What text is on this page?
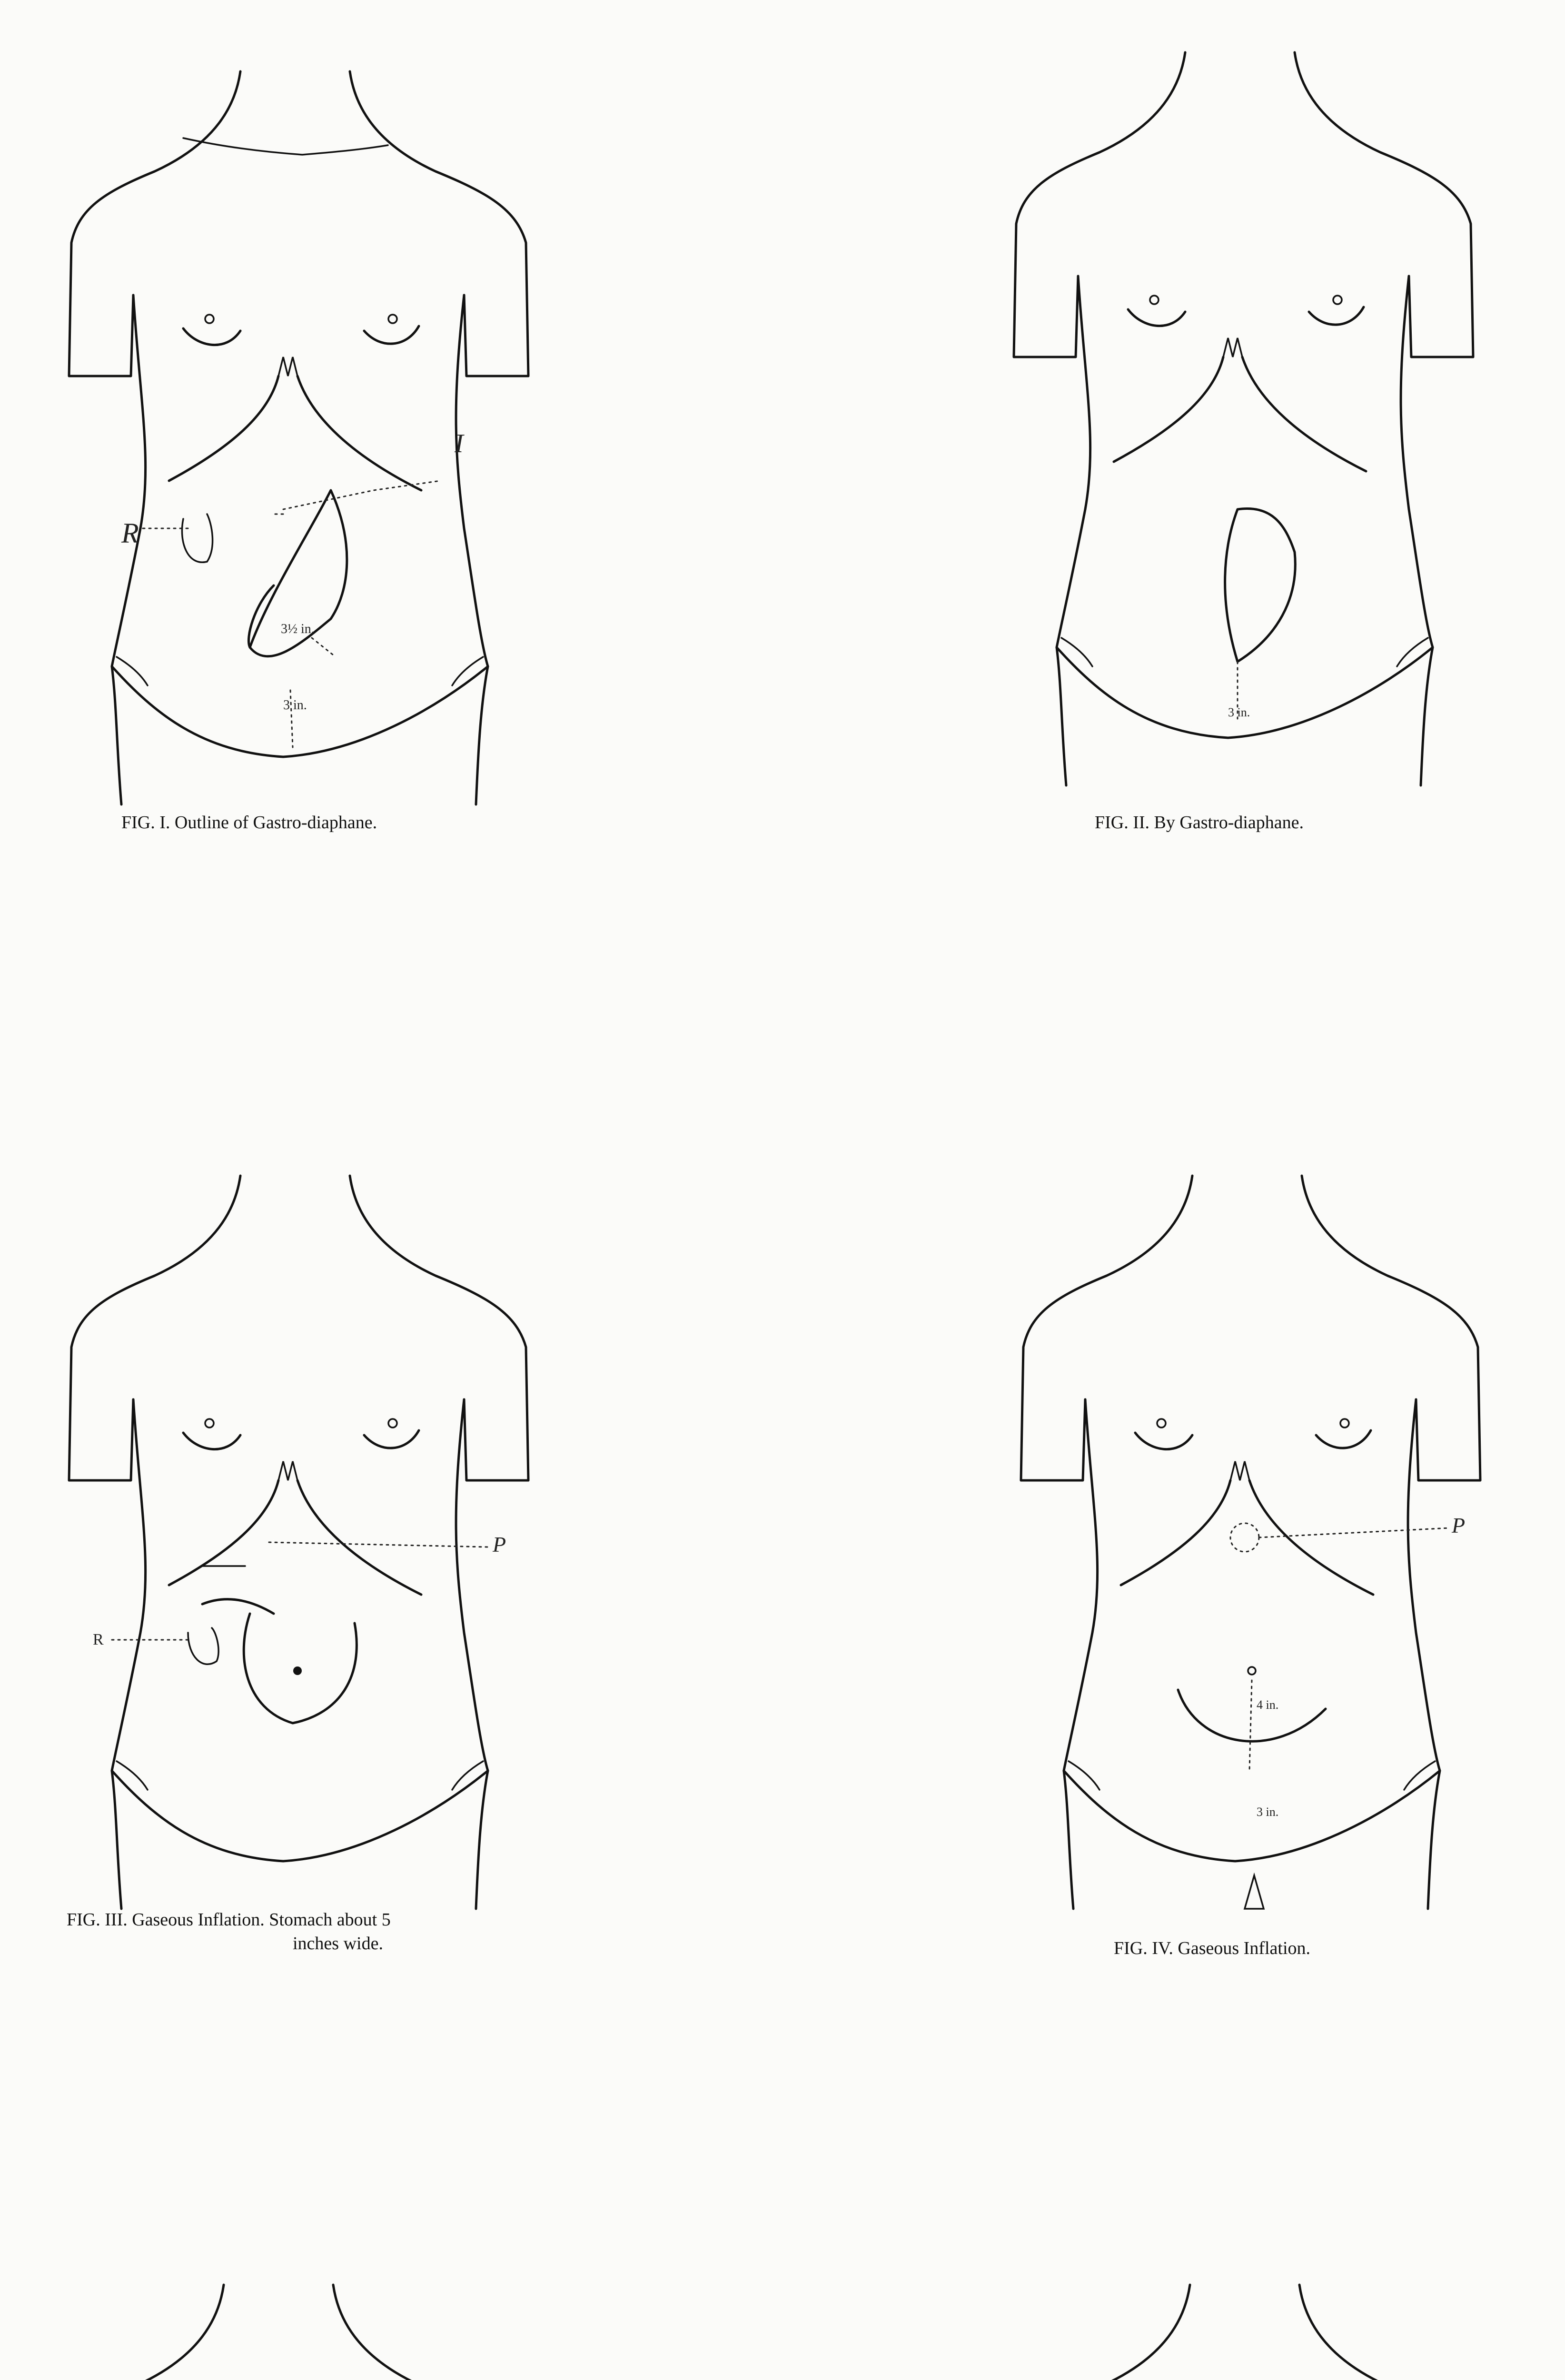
I
R
3½ in.
3 in.	3 in.
P
R
P
4 in.
3 in.
FIG. I. Outline of Gastro-diaphane.	FIG. II. By Gastro-diaphane.
FIG. III. Gaseous Inflation. Stomach about 5
inches wide.	FIG. IV. Gaseous Inflation.
